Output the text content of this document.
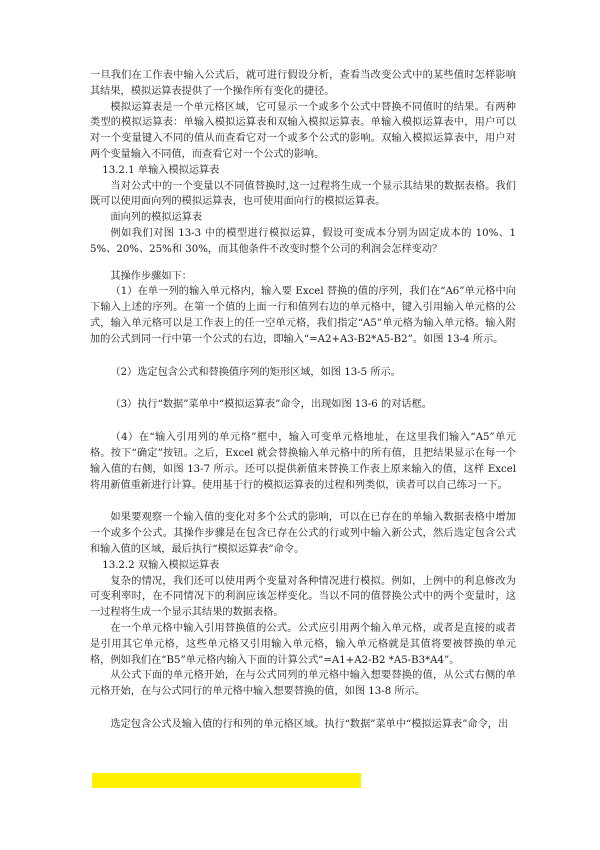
一旦我们在工作表中输入公式后，就可进行假设分析，查看当改变公式中的某些值时怎样影响其结果，模拟运算表提供了一个操作所有变化的捷径。

模拟运算表是一个单元格区域，它可显示一个或多个公式中替换不同值时的结果。有两种类型的模拟运算表：单输入模拟运算表和双输入模拟运算表。单输入模拟运算表中，用户可以对一个变量键入不同的值从而查看它对一个或多个公式的影响。双输入模拟运算表中，用户对两个变量输入不同值，而查看它对一个公式的影响。

13.2.1 单输入模拟运算表

当对公式中的一个变量以不同值替换时,这一过程将生成一个显示其结果的数据表格。我们既可以使用面向列的模拟运算表，也可使用面向行的模拟运算表。

面向列的模拟运算表

例如我们对图 13-3 中的模型进行模拟运算，假设可变成本分别为固定成本的 10%、15%、20%、25%和 30%，而其他条件不改变时整个公司的利润会怎样变动？

其操作步骤如下：

（1）在单一列的输入单元格内，输入要 Excel 替换的值的序列，我们在“A6”单元格中向下输入上述的序列。在第一个值的上面一行和值列右边的单元格中，键入引用输入单元格的公式，输入单元格可以是工作表上的任一空单元格，我们指定“A5”单元格为输入单元格。输入附加的公式到同一行中第一个公式的右边，即输入“=A2+A3-B2*A5-B2”。如图 13-4 所示。

（2）选定包含公式和替换值序列的矩形区域，如图 13-5 所示。

（3）执行“数据”菜单中“模拟运算表”命令，出现如图 13-6 的对话框。

（4）在“输入引用列的单元格”框中，输入可变单元格地址，在这里我们输入“A5”单元格。按下“确定”按钮。之后，Excel 就会替换输入单元格中的所有值，且把结果显示在每一个输入值的右侧，如图 13-7 所示。还可以提供新值来替换工作表上原来输入的值，这样 Excel 将用新值重新进行计算。使用基于行的模拟运算表的过程和列类似，读者可以自己练习一下。

如果要观察一个输入值的变化对多个公式的影响，可以在已存在的单输入数据表格中增加一个或多个公式。其操作步骤是在包含已存在公式的行或列中输入新公式，然后选定包含公式和输入值的区域，最后执行“模拟运算表”命令。

13.2.2 双输入模拟运算表

复杂的情况，我们还可以使用两个变量对各种情况进行模拟。例如，上例中的利息修改为可变利率时，在不同情况下的利润应该怎样变化。当以不同的值替换公式中的两个变量时，这一过程将生成一个显示其结果的数据表格。

在一个单元格中输入引用替换值的公式。公式应引用两个输入单元格，或者是直接的或者是引用其它单元格，这些单元格又引用输入单元格，输入单元格就是其值将要被替换的单元格，例如我们在“B5”单元格内输入下面的计算公式“=A1+A2-B2 *A5-B3*A4”。

从公式下面的单元格开始，在与公式同列的单元格中输入想要替换的值，从公式右侧的单元格开始，在与公式同行的单元格中输入想要替换的值，如图 13-8 所示。

选定包含公式及输入值的行和列的单元格区域。执行“数据”菜单中“模拟运算表”命令，出
